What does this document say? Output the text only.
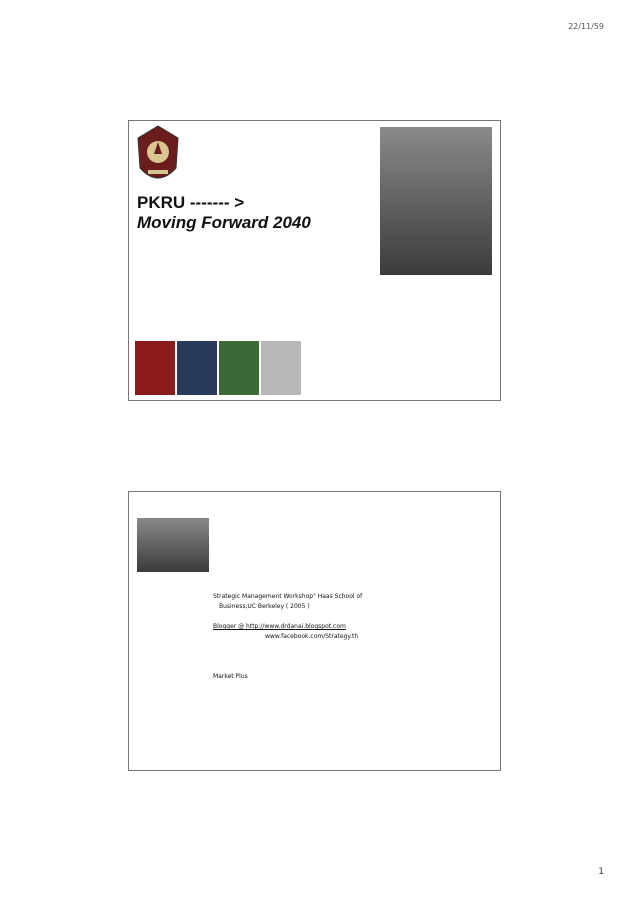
22/11/59
PKRU ------- >
Moving Forward 2040
Strategic Management Workshop" Haas School of
Business,UC Berkeley ( 2005 )
Blogger @ http://www.drdanai.blogspot.com
www.facebook.com/Strategy.th
Market Plus
1
